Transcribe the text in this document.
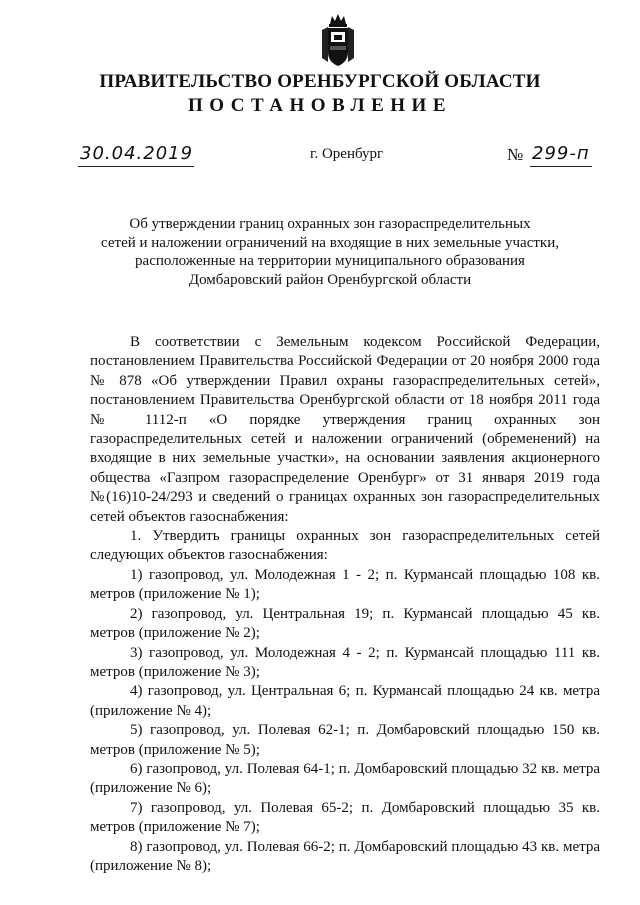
ПРАВИТЕЛЬСТВО ОРЕНБУРГСКОЙ ОБЛАСТИ
ПОСТАНОВЛЕНИЕ
30.04.2019	г. Оренбург	№ 299-п
Об утверждении границ охранных зон газораспределительных
сетей и наложении ограничений на входящие в них земельные участки,
расположенные на территории муниципального образования
Домбаровский район Оренбургской области

В соответствии с Земельным кодексом Российской Федерации, постановлением Правительства Российской Федерации от 20 ноября 2000 года № 878 «Об утверждении Правил охраны газораспределительных сетей», постановлением Правительства Оренбургской области от 18 ноября 2011 года № 1112-п «О порядке утверждения границ охранных зон газораспределительных сетей и наложении ограничений (обременений) на входящие в них земельные участки», на основании заявления акционерного общества «Газпром газораспределение Оренбург» от 31 января 2019 года №(16)10-24/293 и сведений о границах охранных зон газораспределительных сетей объектов газоснабжения:

1. Утвердить границы охранных зон газораспределительных сетей следующих объектов газоснабжения:

1) газопровод, ул. Молодежная 1 - 2; п. Курмансай площадью 108 кв. метров (приложение № 1);

2) газопровод, ул. Центральная 19; п. Курмансай площадью 45 кв. метров (приложение № 2);

3) газопровод, ул. Молодежная 4 - 2; п. Курмансай площадью 111 кв. метров (приложение № 3);

4) газопровод, ул. Центральная 6; п. Курмансай площадью 24 кв. метра (приложение № 4);

5) газопровод, ул. Полевая 62-1; п. Домбаровский площадью 150 кв. метров (приложение № 5);

6) газопровод, ул. Полевая 64-1; п. Домбаровский площадью 32 кв. метра (приложение № 6);

7) газопровод, ул. Полевая 65-2; п. Домбаровский площадью 35 кв. метров (приложение № 7);

8) газопровод, ул. Полевая 66-2; п. Домбаровский площадью 43 кв. метра (приложение № 8);
